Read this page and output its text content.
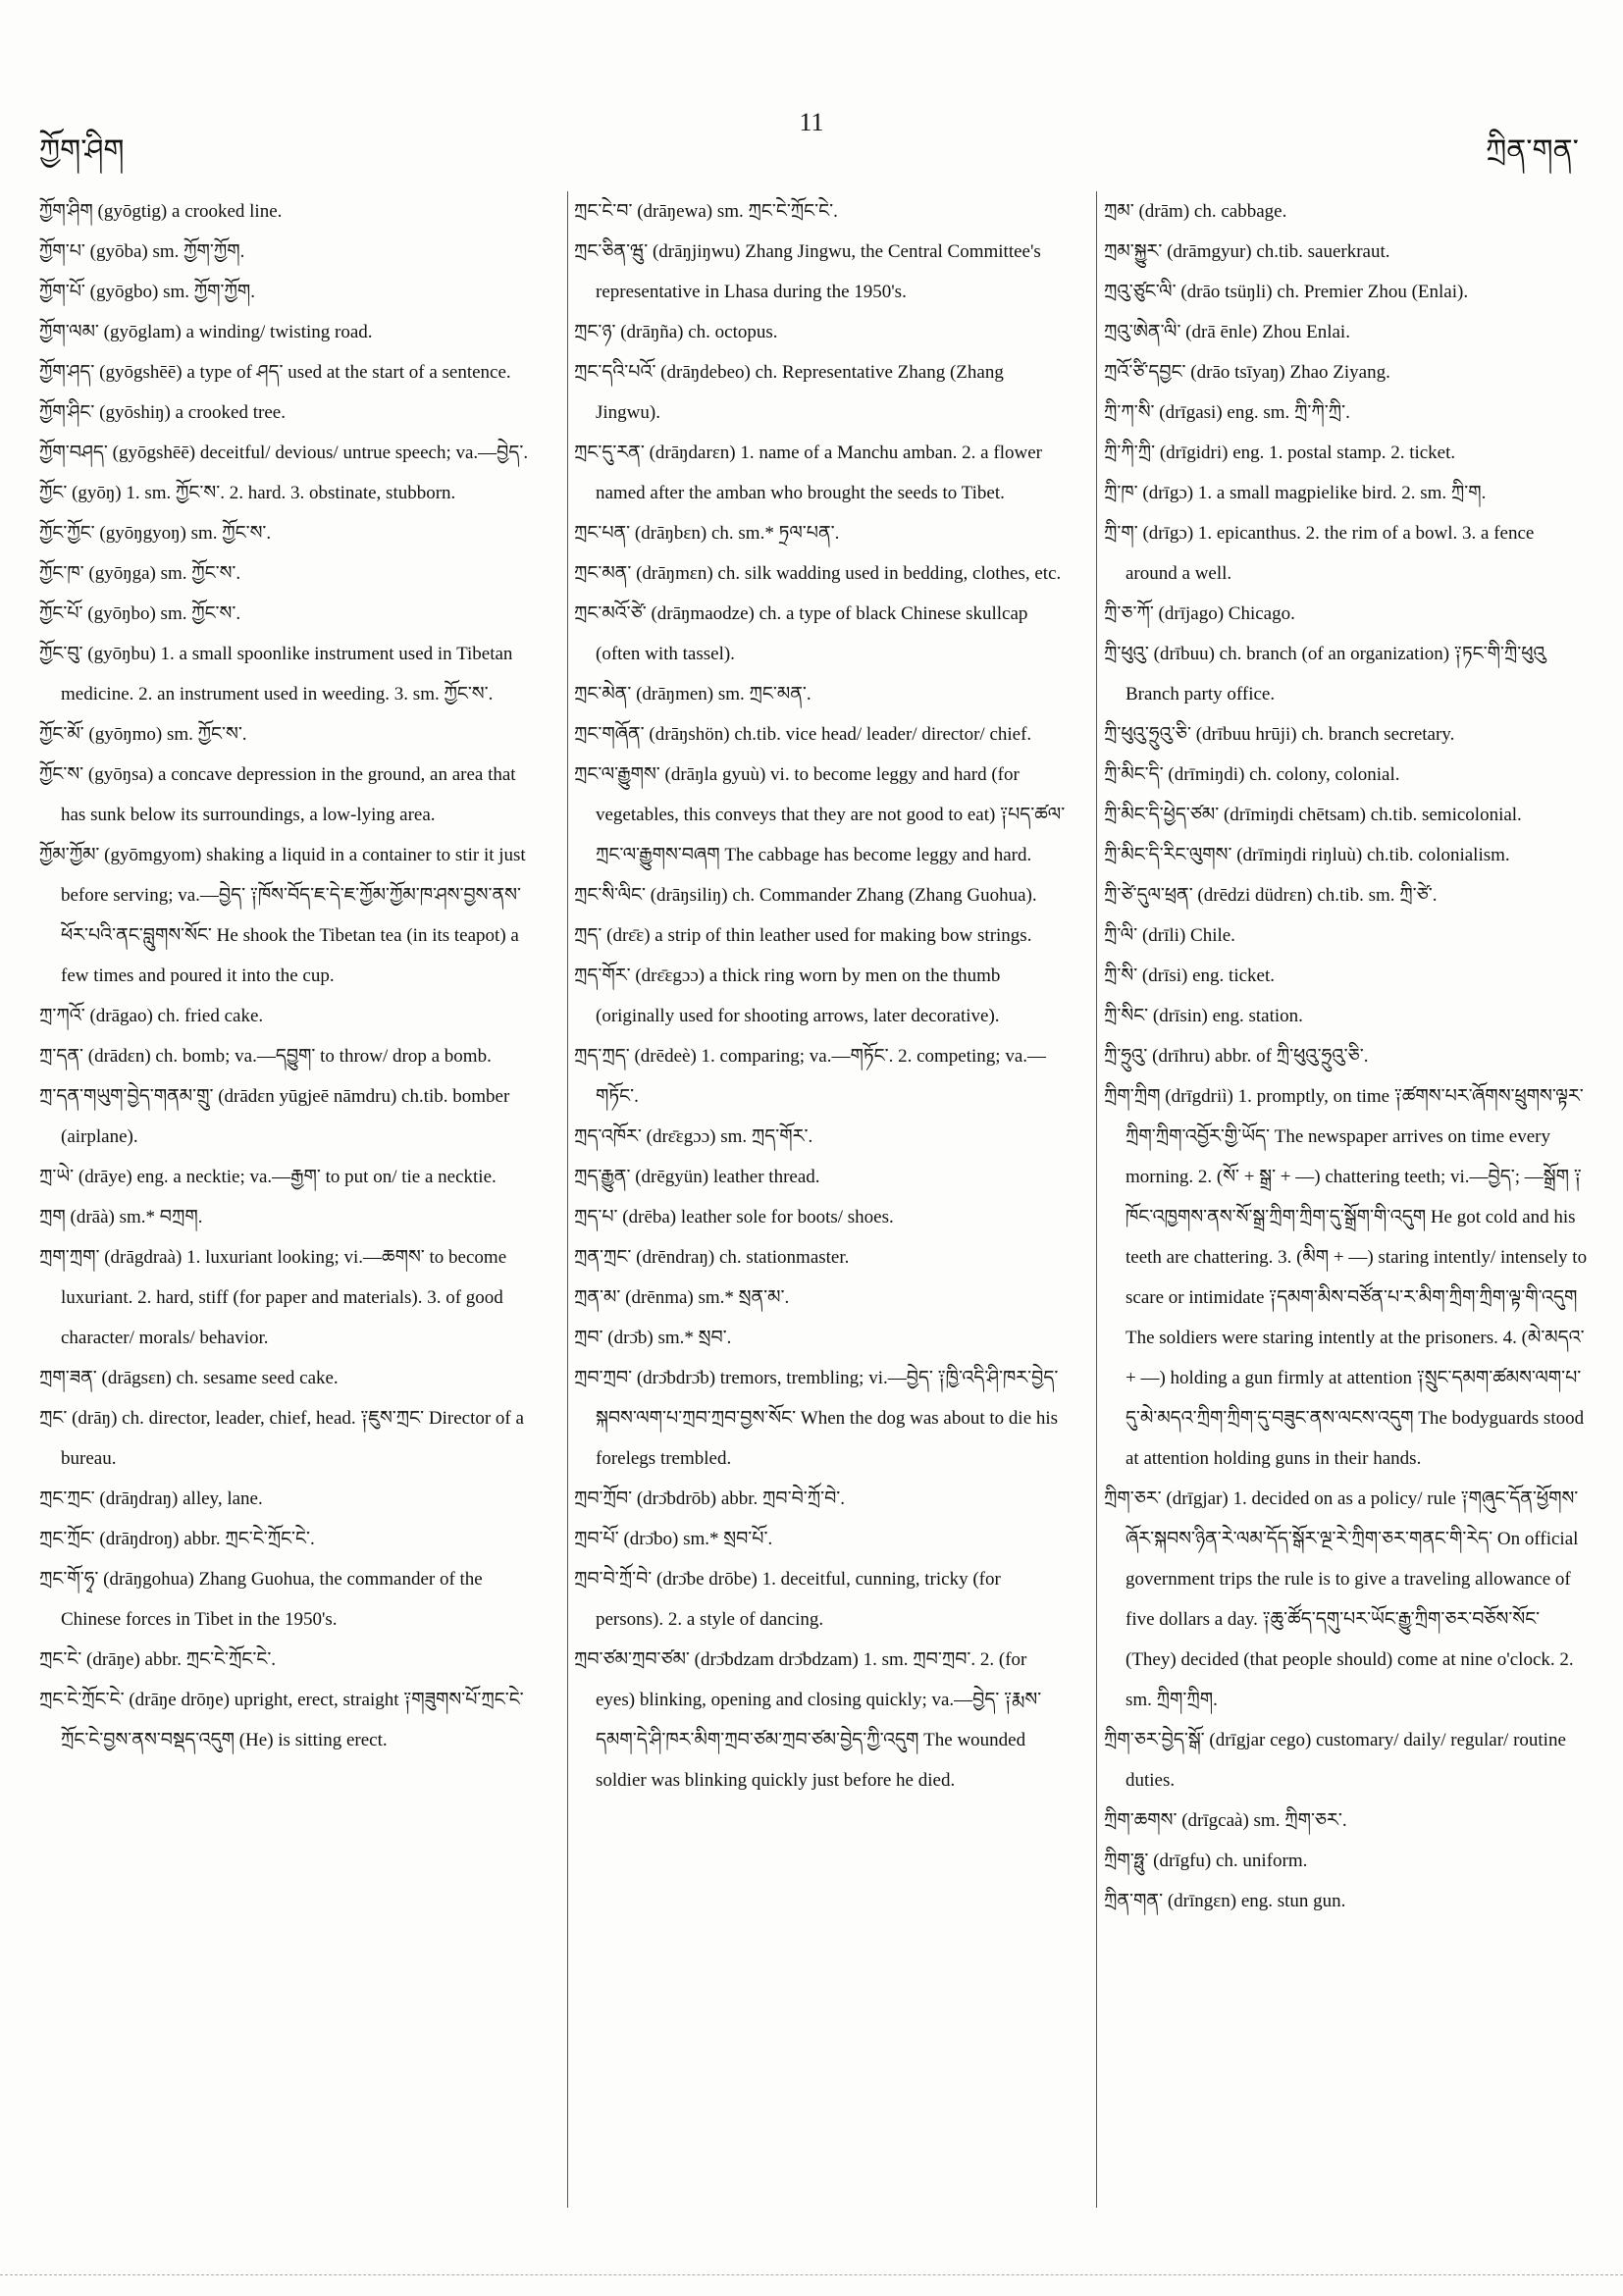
ཀྱོག་ཤིག
11
ཀྲིན་གན་

ཀྱོག་ཤིག (gyōgtig) a crooked line.

ཀྱོག་པ་ (gyōba) sm. ཀྱོག་ཀྱོག.

ཀྱོག་པོ་ (gyōgbo) sm. ཀྱོག་ཀྱོག.

ཀྱོག་ལམ་ (gyōglam) a winding/ twisting road.

ཀྱོག་ཤད་ (gyōgshēē) a type of ཤད་ used at the start of a sentence.

ཀྱོག་ཤིང་ (gyōshiŋ) a crooked tree.

ཀྱོག་བཤད་ (gyōgshēē) deceitful/ devious/ untrue speech; va.—བྱེད་.

ཀྱོང་ (gyōŋ) 1. sm. ཀྱོང་ས་. 2. hard. 3. obstinate, stubborn.

ཀྱོང་ཀྱོང་ (gyōŋgyoŋ) sm. ཀྱོང་ས་.

ཀྱོང་ཁ་ (gyōŋga) sm. ཀྱོང་ས་.

ཀྱོང་པོ་ (gyōŋbo) sm. ཀྱོང་ས་.

ཀྱོང་བུ་ (gyōŋbu) 1. a small spoonlike instrument used in Tibetan medicine. 2. an instrument used in weeding. 3. sm. ཀྱོང་ས་.

ཀྱོང་མོ་ (gyōŋmo) sm. ཀྱོང་ས་.

ཀྱོང་ས་ (gyōŋsa) a concave depression in the ground, an area that has sunk below its surroundings, a low-lying area.

ཀྱོམ་ཀྱོམ་ (gyōmgyom) shaking a liquid in a container to stir it just before serving; va.—བྱེད་ ༑ཁོས་བོད་ཇ་དེ་ཇ་ཀྱོམ་ཀྱོམ་ཁ་ཤས་བྱས་ནས་ཕོར་པའི་ནང་བླུགས་སོང་ He shook the Tibetan tea (in its teapot) a few times and poured it into the cup.

ཀྲ་ཀའོ་ (drāgao) ch. fried cake.

ཀྲ་དན་ (drādɛn) ch. bomb; va.—དབྱུག་ to throw/ drop a bomb.

ཀྲ་དན་གཡུག་བྱེད་གནམ་གྲུ་ (drādɛn yūgjeē nāmdru) ch.tib. bomber (airplane).

ཀྲ་ཡེ་ (drāye) eng. a necktie; va.—རྒྱག་ to put on/ tie a necktie.

ཀྲག (drāà) sm.* བཀྲག.

ཀྲག་ཀྲག་ (drāgdraà) 1. luxuriant looking; vi.—ཆགས་ to become luxuriant. 2. hard, stiff (for paper and materials). 3. of good character/ morals/ behavior.

ཀྲག་ཟན་ (drāgsɛn) ch. sesame seed cake.

ཀྲང་ (drāŋ) ch. director, leader, chief, head. ༑ཇུས་ཀྲང་ Director of a bureau.

ཀྲང་ཀྲང་ (drāŋdraŋ) alley, lane.

ཀྲང་ཀྲོང་ (drāŋdroŋ) abbr. ཀྲང་ངེ་ཀྲོང་ངེ་.

ཀྲང་གོ་ཧྭ་ (drāŋgohua) Zhang Guohua, the commander of the Chinese forces in Tibet in the 1950's.

ཀྲང་ངེ་ (drāŋe) abbr. ཀྲང་ངེ་ཀྲོང་ངེ་.

ཀྲང་ངེ་ཀྲོང་ངེ་ (drāŋe drōŋe) upright, erect, straight ༑གཟུགས་པོ་ཀྲང་ངེ་ཀྲོང་ངེ་བྱས་ནས་བསྡད་འདུག (He) is sitting erect.

ཀྲང་ངེ་བ་ (drāŋewa) sm. ཀྲང་ངེ་ཀྲོང་ངེ་.

ཀྲང་ཅིན་ཝུ་ (drāŋjiŋwu) Zhang Jingwu, the Central Committee's representative in Lhasa during the 1950's.

ཀྲང་ཉ་ (drāŋña) ch. octopus.

ཀྲང་དའི་པའོ་ (drāŋdebeo) ch. Representative Zhang (Zhang Jingwu).

ཀྲང་དུ་རན་ (drāŋdarɛn) 1. name of a Manchu amban. 2. a flower named after the amban who brought the seeds to Tibet.

ཀྲང་པན་ (drāŋbɛn) ch. sm.* ཏྲལ་པན་.

ཀྲང་མན་ (drāŋmɛn) ch. silk wadding used in bedding, clothes, etc.

ཀྲང་མའོ་ཙེ་ (drāŋmaodze) ch. a type of black Chinese skullcap (often with tassel).

ཀྲང་མེན་ (drāŋmen) sm. ཀྲང་མན་.

ཀྲང་གཞོན་ (drāŋshön) ch.tib. vice head/ leader/ director/ chief.

ཀྲང་ལ་རྒྱུགས་ (drāŋla gyuù) vi. to become leggy and hard (for vegetables, this conveys that they are not good to eat) ༑པད་ཚལ་ཀྲང་ལ་རྒྱུགས་བཞག The cabbage has become leggy and hard.

ཀྲང་སི་ལིང་ (drāŋsiliŋ) ch. Commander Zhang (Zhang Guohua).

ཀྲད་ (drɛ̄ɛ) a strip of thin leather used for making bow strings.

ཀྲད་གོར་ (drɛ̄ɛgɔɔ) a thick ring worn by men on the thumb (originally used for shooting arrows, later decorative).

ཀྲད་ཀྲད་ (drēdeè) 1. comparing; va.—གཏོང་. 2. competing; va.—གཏོང་.

ཀྲད་འཁོར་ (drɛ̄ɛgɔɔ) sm. ཀྲད་གོར་.

ཀྲད་རྒྱུན་ (drēgyün) leather thread.

ཀྲད་པ་ (drēba) leather sole for boots/ shoes.

ཀྲན་ཀྲང་ (drēndraŋ) ch. stationmaster.

ཀྲན་མ་ (drēnma) sm.* སྲན་མ་.

ཀྲབ་ (drɔ̄b) sm.* སྲབ་.

ཀྲབ་ཀྲབ་ (drɔ̄bdrɔ̄b) tremors, trembling; vi.—བྱེད་ ༑ཁྱི་འདི་ཤི་ཁར་བྱེད་སྐབས་ལག་པ་ཀྲབ་ཀྲབ་བྱས་སོང་ When the dog was about to die his forelegs trembled.

ཀྲབ་ཀྲོབ་ (drɔ̄bdrōb) abbr. ཀྲབ་བེ་ཀྲོ་བེ་.

ཀྲབ་པོ་ (drɔ̄bo) sm.* སྲབ་པོ་.

ཀྲབ་བེ་ཀྲོ་བེ་ (drɔ̄be drōbe) 1. deceitful, cunning, tricky (for persons). 2. a style of dancing.

ཀྲབ་ཙམ་ཀྲབ་ཙམ་ (drɔ̄bdzam drɔ̄bdzam) 1. sm. ཀྲབ་ཀྲབ་. 2. (for eyes) blinking, opening and closing quickly; va.—བྱེད་ ༑རྨས་དམག་དེ་ཤི་ཁར་མིག་ཀྲབ་ཙམ་ཀྲབ་ཙམ་བྱེད་ཀྱི་འདུག The wounded soldier was blinking quickly just before he died.

ཀྲམ་ (drām) ch. cabbage.

ཀྲམ་སྐྱུར་ (drāmgyur) ch.tib. sauerkraut.

ཀྲའུ་ཙུང་ལི་ (drāo tsüŋli) ch. Premier Zhou (Enlai).

ཀྲའུ་ཨེན་ལི་ (drā ēnle) Zhou Enlai.

ཀྲའོ་ཙི་དབྱང་ (drāo tsīyaŋ) Zhao Ziyang.

ཀྲི་ཀ་སི་ (drīgasi) eng. sm. ཀྲི་ཀི་ཀྲི་.

ཀྲི་ཀི་ཀྲི་ (drīgidri) eng. 1. postal stamp. 2. ticket.

ཀྲི་ཁ་ (drīgɔ) 1. a small magpielike bird. 2. sm. ཀྲི་ག.

ཀྲི་ག་ (drīgɔ) 1. epicanthus. 2. the rim of a bowl. 3. a fence around a well.

ཀྲི་ཅ་ཀོ་ (drījago) Chicago.

ཀྲི་ཕུའུ་ (drībuu) ch. branch (of an organization) ༑ཏང་གི་ཀྲི་ཕུའུ Branch party office.

ཀྲི་ཕུའུ་ཧྲུའུ་ཅི་ (drībuu hrūji) ch. branch secretary.

ཀྲི་མིང་དི་ (drīmiŋdi) ch. colony, colonial.

ཀྲི་མིང་དི་ཕྱེད་ཙམ་ (drīmiŋdi chētsam) ch.tib. semicolonial.

ཀྲི་མིང་དི་རིང་ལུགས་ (drīmiŋdi riŋluù) ch.tib. colonialism.

ཀྲི་ཙེ་དུལ་ཕྲན་ (drēdzi düdrɛn) ch.tib. sm. ཀྲི་ཙེ་.

ཀྲི་ལི་ (drīli) Chile.

ཀྲི་སི་ (drīsi) eng. ticket.

ཀྲི་སིང་ (drīsin) eng. station.

ཀྲི་ཧྲུའུ་ (drīhru) abbr. of ཀྲི་ཕུའུ་ཧྲུའུ་ཅི་.

ཀྲིག་ཀྲིག (drīgdriì) 1. promptly, on time ༑ཚགས་པར་ཞོགས་ཕྲུགས་ལྟར་ཀྲིག་ཀྲིག་འབྱོར་གྱི་ཡོད་ The newspaper arrives on time every morning. 2. (སོ་ + སྒྲ་ + —) chattering teeth; vi.—བྱེད་; —སྒྲོག ༑ཁོང་འཁྱགས་ནས་སོ་སྒྲ་ཀྲིག་ཀྲིག་དུ་སྒྲོག་གི་འདུག He got cold and his teeth are chattering. 3. (མིག + —) staring intently/ intensely to scare or intimidate ༑དམག་མིས་བཙོན་པ་ར་མིག་ཀྲིག་ཀྲིག་ལྟ་གི་འདུག The soldiers were staring intently at the prisoners. 4. (མེ་མདའ་ + —) holding a gun firmly at attention ༑སྲུང་དམག་ཚམས་ལག་པ་དུ་མེ་མདའ་ཀྲིག་ཀྲིག་དུ་བཟུང་ནས་ལངས་འདུག The bodyguards stood at attention holding guns in their hands.

ཀྲིག་ཅར་ (drīgjar) 1. decided on as a policy/ rule ༑གཞུང་དོན་ཕྱོགས་ཞོར་སྐབས་ཉིན་རེ་ལམ་དོད་སྒོར་ལྔ་རེ་ཀྲིག་ཅར་གནང་གི་རེད་ On official government trips the rule is to give a traveling allowance of five dollars a day. ༑ཆུ་ཚོད་དགུ་པར་ཡོང་རྒྱུ་ཀྲིག་ཅར་བཅོས་སོང་ (They) decided (that people should) come at nine o'clock. 2. sm. ཀྲིག་ཀྲིག.

ཀྲིག་ཅར་བྱེད་སྒོ་ (drīgjar cego) customary/ daily/ regular/ routine duties.

ཀྲིག་ཆགས་ (drīgcaà) sm. ཀྲིག་ཅར་.

ཀྲིག་ཧྥུ་ (drīgfu) ch. uniform.

ཀྲིན་གན་ (drīngɛn) eng. stun gun.
